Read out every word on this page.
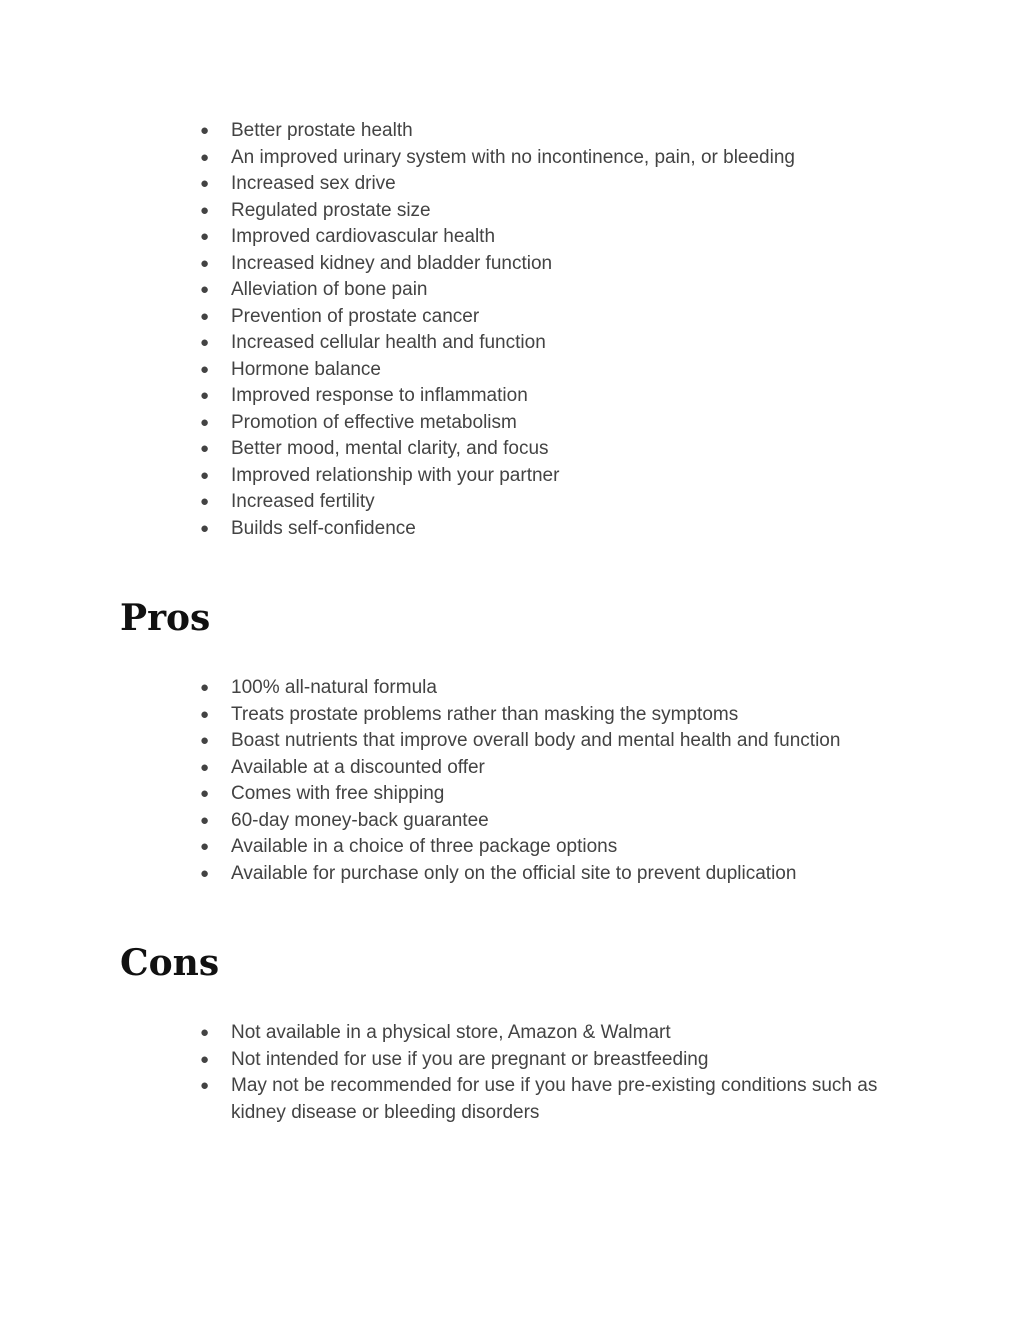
● Better prostate health
● An improved urinary system with no incontinence, pain, or bleeding
● Increased sex drive
● Regulated prostate size
● Improved cardiovascular health
● Increased kidney and bladder function
● Alleviation of bone pain
● Prevention of prostate cancer
● Increased cellular health and function
● Hormone balance
● Improved response to inflammation
● Promotion of effective metabolism
● Better mood, mental clarity, and focus
● Improved relationship with your partner
● Increased fertility
● Builds self-confidence
Pros
● 100% all-natural formula
● Treats prostate problems rather than masking the symptoms
● Boast nutrients that improve overall body and mental health and function
● Available at a discounted offer
● Comes with free shipping
● 60-day money-back guarantee
● Available in a choice of three package options
● Available for purchase only on the official site to prevent duplication
Cons
● Not available in a physical store, Amazon & Walmart
● Not intended for use if you are pregnant or breastfeeding
● May not be recommended for use if you have pre-existing conditions such as kidney disease or bleeding disorders
